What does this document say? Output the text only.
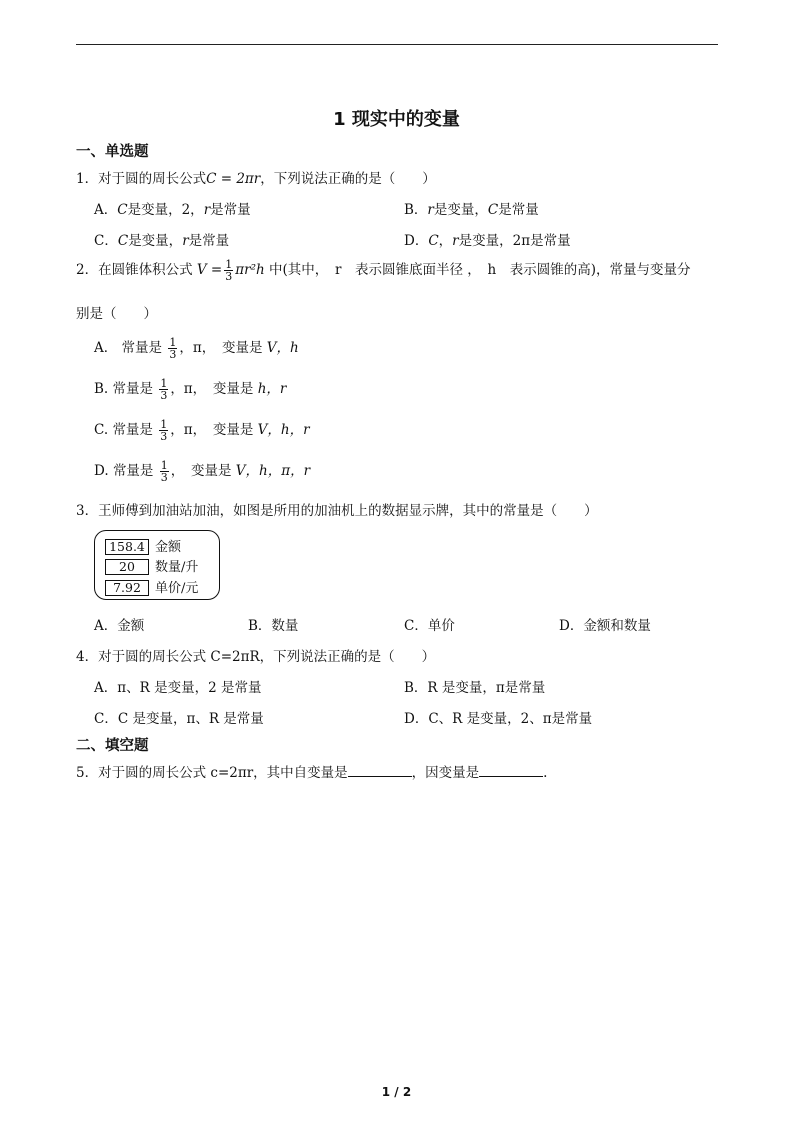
1 现实中的变量
一、单选题
1．对于圆的周长公式C = 2πr，下列说法正确的是（　　）
A．C是变量，2，r是常量	B．r是变量，C是常量
C．C是变量，r是常量	D．C，r是变量，2π是常量
2．在圆锥体积公式 $V = \frac{1}{3} \pi r^2h$ 中(其中，　r　表示圆锥底面半径 ，　h　表示圆锥的高)，常量与变量分
别是（　　）
A． 常量是 $\frac{1}{3}$ ，π，　变量是 V，h
B. 常量是 $\frac{1}{3}$ ，π，　变量是 h，r
C. 常量是 $\frac{1}{3}$ ，π，　变量是 V，h，r
D. 常量是 $\frac{1}{3}$ ，　变量是 V，h，π，r
3．王师傅到加油站加油，如图是所用的加油机上的数据显示牌，其中的常量是（　　）
158.4 金额
20 数量/升
7.92 单价/元
A．金额	B．数量	C．单价	D．金额和数量
4．对于圆的周长公式 C=2πR，下列说法正确的是（　　）
A．π、R 是变量，2 是常量	B．R 是变量，π是常量
C．C 是变量，π、R 是常量	D．C、R 是变量，2、π是常量
二、填空题
5．对于圆的周长公式 c=2πr，其中自变量是	，因变量是	.
1 / 2
